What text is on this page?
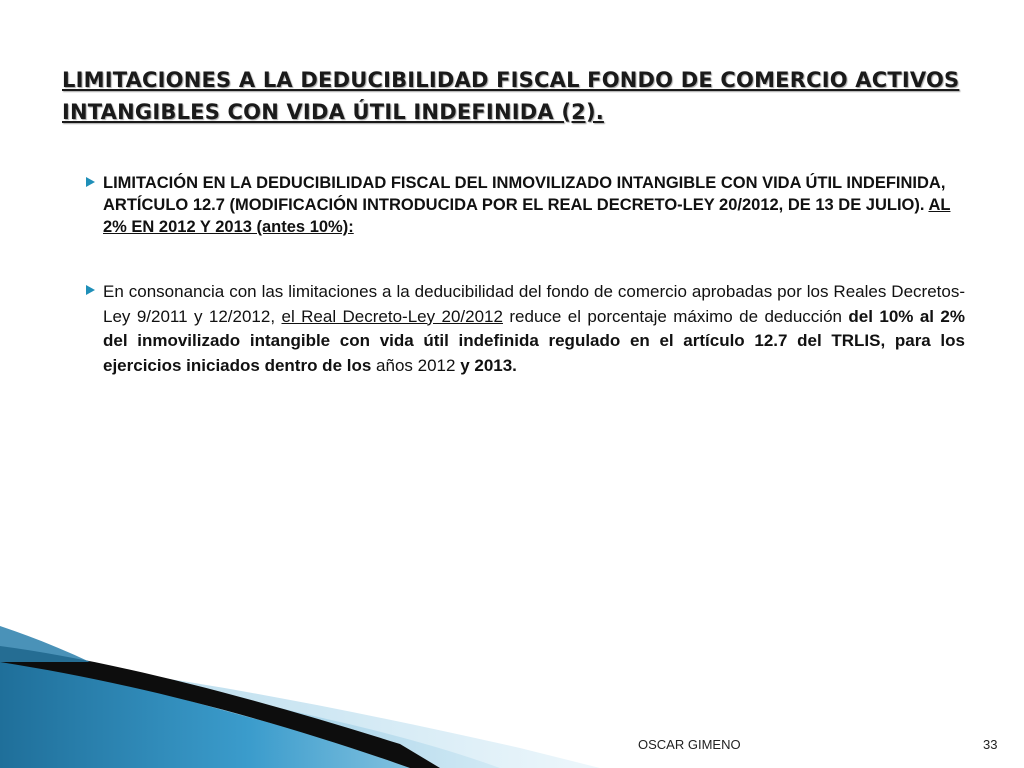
LIMITACIONES A LA DEDUCIBILIDAD FISCAL FONDO DE COMERCIO ACTIVOS INTANGIBLES CON VIDA ÚTIL INDEFINIDA (2).

LIMITACIÓN EN LA DEDUCIBILIDAD FISCAL DEL INMOVILIZADO INTANGIBLE CON VIDA ÚTIL INDEFINIDA, ARTÍCULO 12.7 (MODIFICACIÓN INTRODUCIDA POR EL REAL DECRETO-LEY 20/2012, DE 13 DE JULIO). AL 2% EN 2012 Y 2013 (antes 10%):

En consonancia con las limitaciones a la deducibilidad del fondo de comercio aprobadas por los Reales Decretos-Ley 9/2011 y 12/2012, el Real Decreto-Ley 20/2012 reduce el porcentaje máximo de deducción del 10% al 2% del inmovilizado intangible con vida útil indefinida regulado en el artículo 12.7 del TRLIS, para los ejercicios iniciados dentro de los años 2012 y 2013.

OSCAR GIMENO	33
